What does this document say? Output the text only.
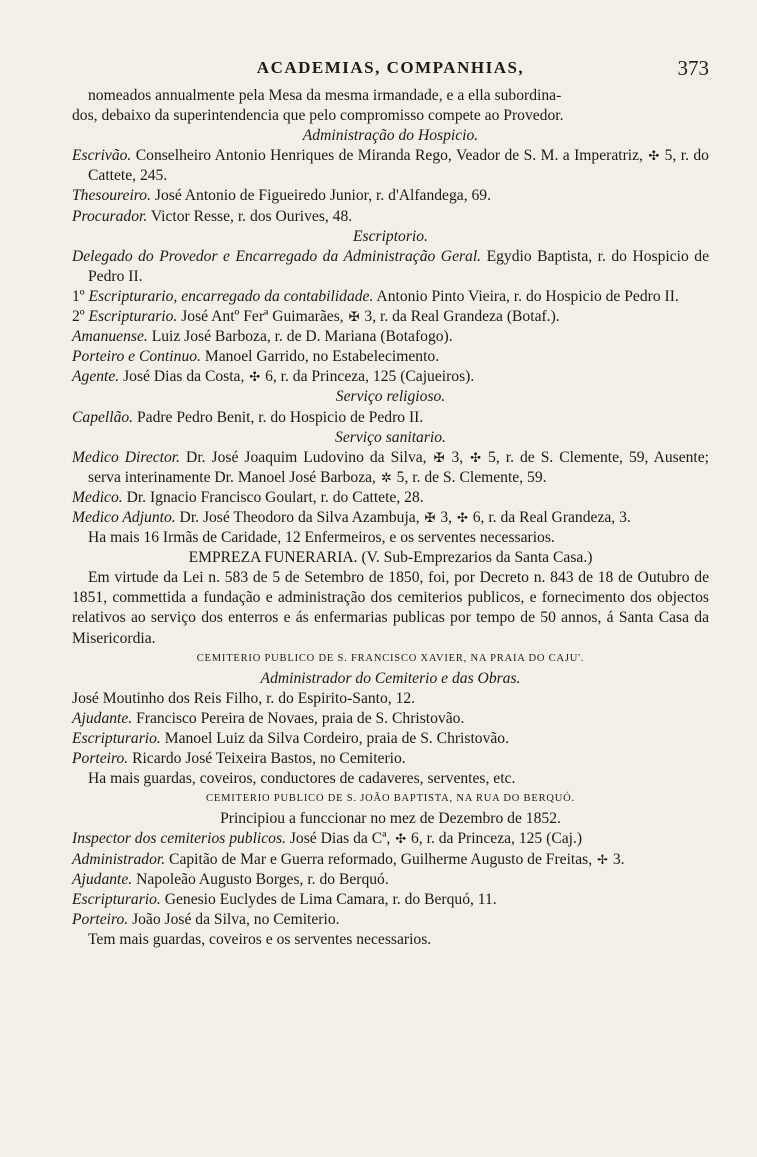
ACADEMIAS, COMPANHIAS,	373

nomeados annualmente pela Mesa da mesma irmandade, e a ella subordina-

dos, debaixo da superintendencia que pelo compromisso compete ao Provedor.

Administração do Hospicio.

Escrivão. Conselheiro Antonio Henriques de Miranda Rego, Veador de S. M. a Imperatriz, ✣ 5, r. do Cattete, 245.

Thesoureiro. José Antonio de Figueiredo Junior, r. d'Alfandega, 69.

Procurador. Victor Resse, r. dos Ourives, 48.

Escriptorio.

Delegado do Provedor e Encarregado da Administração Geral. Egydio Baptista, r. do Hospicio de Pedro II.

1º Escripturario, encarregado da contabilidade. Antonio Pinto Vieira, r. do Hospicio de Pedro II.

2º Escripturario. José Antº Ferª Guimarães, ✠ 3, r. da Real Grandeza (Botaf.).

Amanuense. Luiz José Barboza, r. de D. Mariana (Botafogo).

Porteiro e Continuo. Manoel Garrido, no Estabelecimento.

Agente. José Dias da Costa, ✣ 6, r. da Princeza, 125 (Cajueiros).

Serviço religioso.

Capellão. Padre Pedro Benit, r. do Hospicio de Pedro II.

Serviço sanitario.

Medico Director. Dr. José Joaquim Ludovino da Silva, ✠ 3, ✣ 5, r. de S. Clemente, 59, Ausente; serva interinamente Dr. Manoel José Barboza, ✲ 5, r. de S. Clemente, 59.

Medico. Dr. Ignacio Francisco Goulart, r. do Cattete, 28.

Medico Adjunto. Dr. José Theodoro da Silva Azambuja, ✠ 3, ✣ 6, r. da Real Grandeza, 3.

Ha mais 16 Irmãs de Caridade, 12 Enfermeiros, e os serventes necessarios.

EMPREZA FUNERARIA. (V. Sub-Emprezarios da Santa Casa.)

Em virtude da Lei n. 583 de 5 de Setembro de 1850, foi, por Decreto n. 843 de 18 de Outubro de 1851, commettida a fundação e administração dos cemiterios publicos, e fornecimento dos objectos relativos ao serviço dos enterros e ás enfermarias publicas por tempo de 50 annos, á Santa Casa da Misericordia.

CEMITERIO PUBLICO DE S. FRANCISCO XAVIER, NA PRAIA DO CAJU'.

Administrador do Cemiterio e das Obras.

José Moutinho dos Reis Filho, r. do Espirito-Santo, 12.

Ajudante. Francisco Pereira de Novaes, praia de S. Christovão.

Escripturario. Manoel Luiz da Silva Cordeiro, praia de S. Christovão.

Porteiro. Ricardo José Teixeira Bastos, no Cemiterio.

Ha mais guardas, coveiros, conductores de cadaveres, serventes, etc.

CEMITERIO PUBLICO DE S. JOÃO BAPTISTA, NA RUA DO BERQUÓ.

Principiou a funccionar no mez de Dezembro de 1852.

Inspector dos cemiterios publicos. José Dias da Cª, ✣ 6, r. da Princeza, 125 (Caj.)

Administrador. Capitão de Mar e Guerra reformado, Guilherme Augusto de Freitas, ✢ 3.

Ajudante. Napoleão Augusto Borges, r. do Berquó.

Escripturario. Genesio Euclydes de Lima Camara, r. do Berquó, 11.

Porteiro. João José da Silva, no Cemiterio.

Tem mais guardas, coveiros e os serventes necessarios.
